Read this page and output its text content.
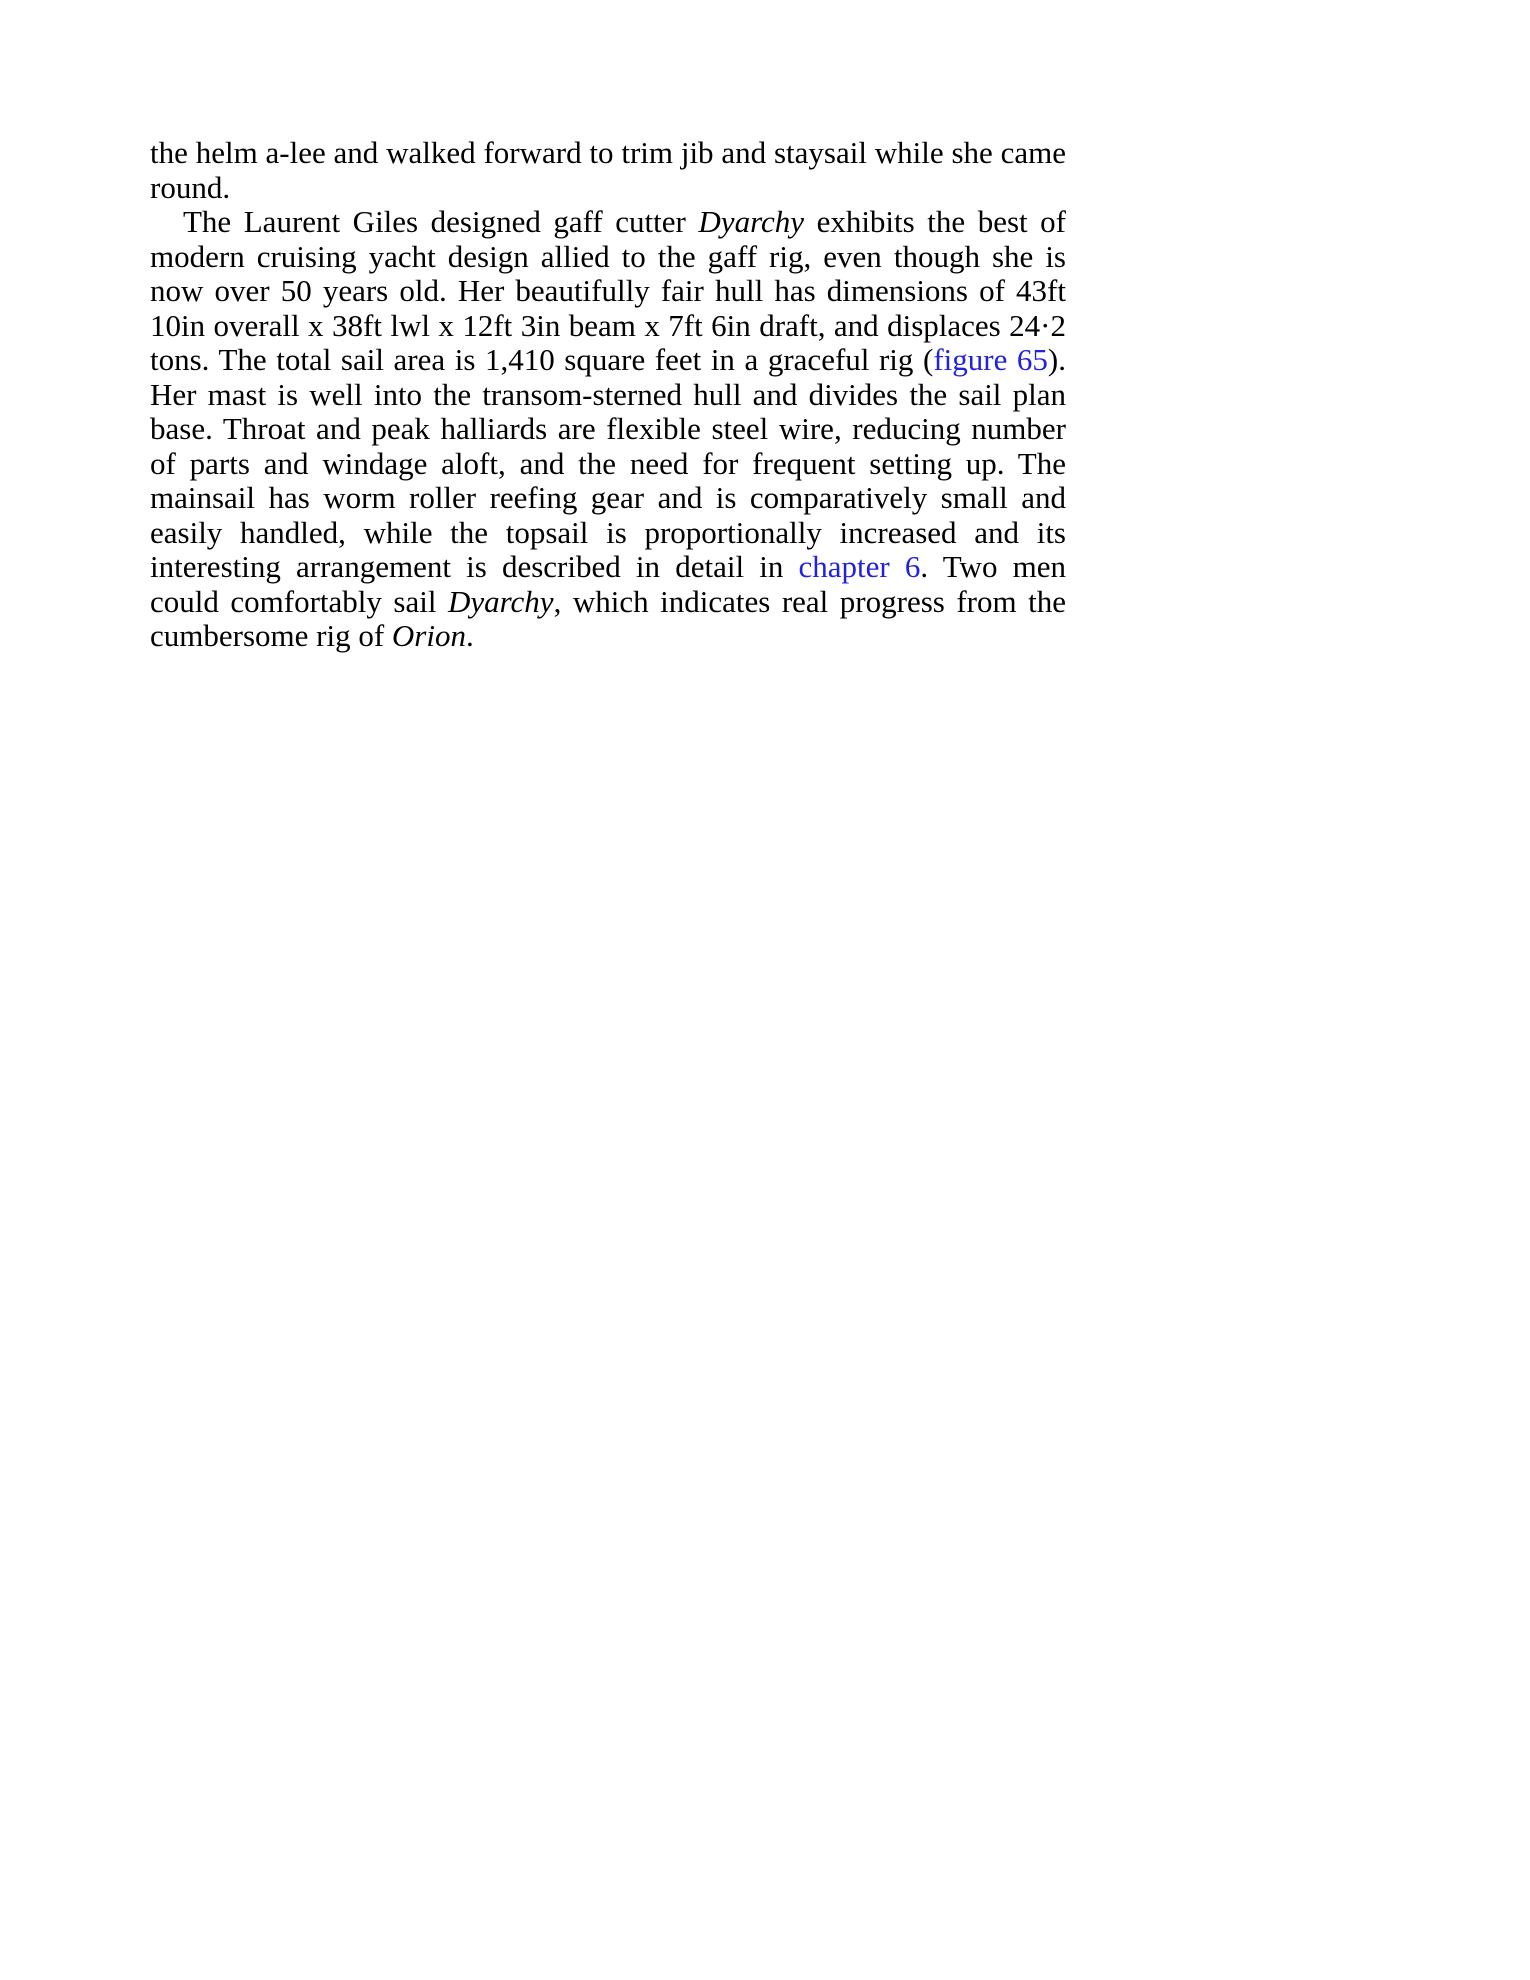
the helm a-lee and walked forward to trim jib and staysail while she came round.

The Laurent Giles designed gaff cutter Dyarchy exhibits the best of modern cruising yacht design allied to the gaff rig, even though she is now over 50 years old. Her beautifully fair hull has dimensions of 43ft 10in overall x 38ft lwl x 12ft 3in beam x 7ft 6in draft, and displaces 24·2 tons. The total sail area is 1,410 square feet in a graceful rig (figure 65). Her mast is well into the transom-sterned hull and divides the sail plan base. Throat and peak halliards are flexible steel wire, reducing number of parts and windage aloft, and the need for frequent setting up. The mainsail has worm roller reefing gear and is comparatively small and easily handled, while the topsail is proportionally increased and its interesting arrangement is described in detail in chapter 6. Two men could comfortably sail Dyarchy, which indicates real progress from the cumbersome rig of Orion.
